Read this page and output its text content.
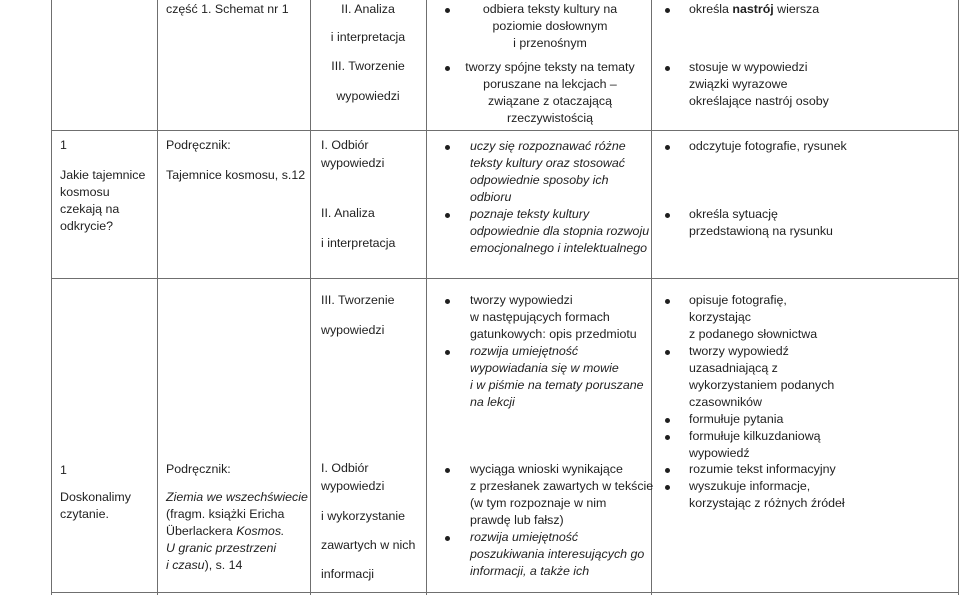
część 1. Schemat nr 1	II. Analiza
i interpretacja
III. Tworzenie
wypowiedzi
odbiera teksty kultury na
poziomie dosłownym
i przenośnym
tworzy spójne teksty na tematy
poruszane na lekcjach –
związane z otaczającą
rzeczywistością
określa nastrój wiersza
stosuje w wypowiedzi
związki wyrazowe
określające nastrój osoby
1
Jakie tajemnice
kosmosu
czekają na
odkrycie?
Podręcznik:
Tajemnice kosmosu, s.12
I. Odbiór
wypowiedzi
II. Analiza
i interpretacja
uczy się rozpoznawać różne
teksty kultury oraz stosować
odpowiednie sposoby ich
odbioru
poznaje teksty kultury
odpowiednie dla stopnia rozwoju
emocjonalnego i intelektualnego
odczytuje fotografie, rysunek
określa sytuację
przedstawioną na rysunku
1
Doskonalimy czytanie.
Podręcznik:
Ziemia we wszechświecie
(fragm. książki Ericha
Überlackera Kosmos.
U granic przestrzeni
i czasu), s. 14
III. Tworzenie
wypowiedzi
I. Odbiór
wypowiedzi
i wykorzystanie
zawartych w nich
informacji
tworzy wypowiedzi
w następujących formach
gatunkowych: opis przedmiotu
rozwija umiejętność
wypowiadania się w mowie
i w piśmie na tematy poruszane
na lekcji
wyciąga wnioski wynikające
z przesłanek zawartych w tekście
(w tym rozpoznaje w nim
prawdę lub fałsz)
rozwija umiejętność
poszukiwania interesujących go
informacji, a także ich
opisuje fotografię,
korzystając
z podanego słownictwa
tworzy wypowiedź
uzasadniającą z
wykorzystaniem podanych
czasowników
formułuje pytania
formułuje kilkuzdaniową
wypowiedź
rozumie tekst informacyjny
wyszukuje informacje,
korzystając z różnych źródeł
